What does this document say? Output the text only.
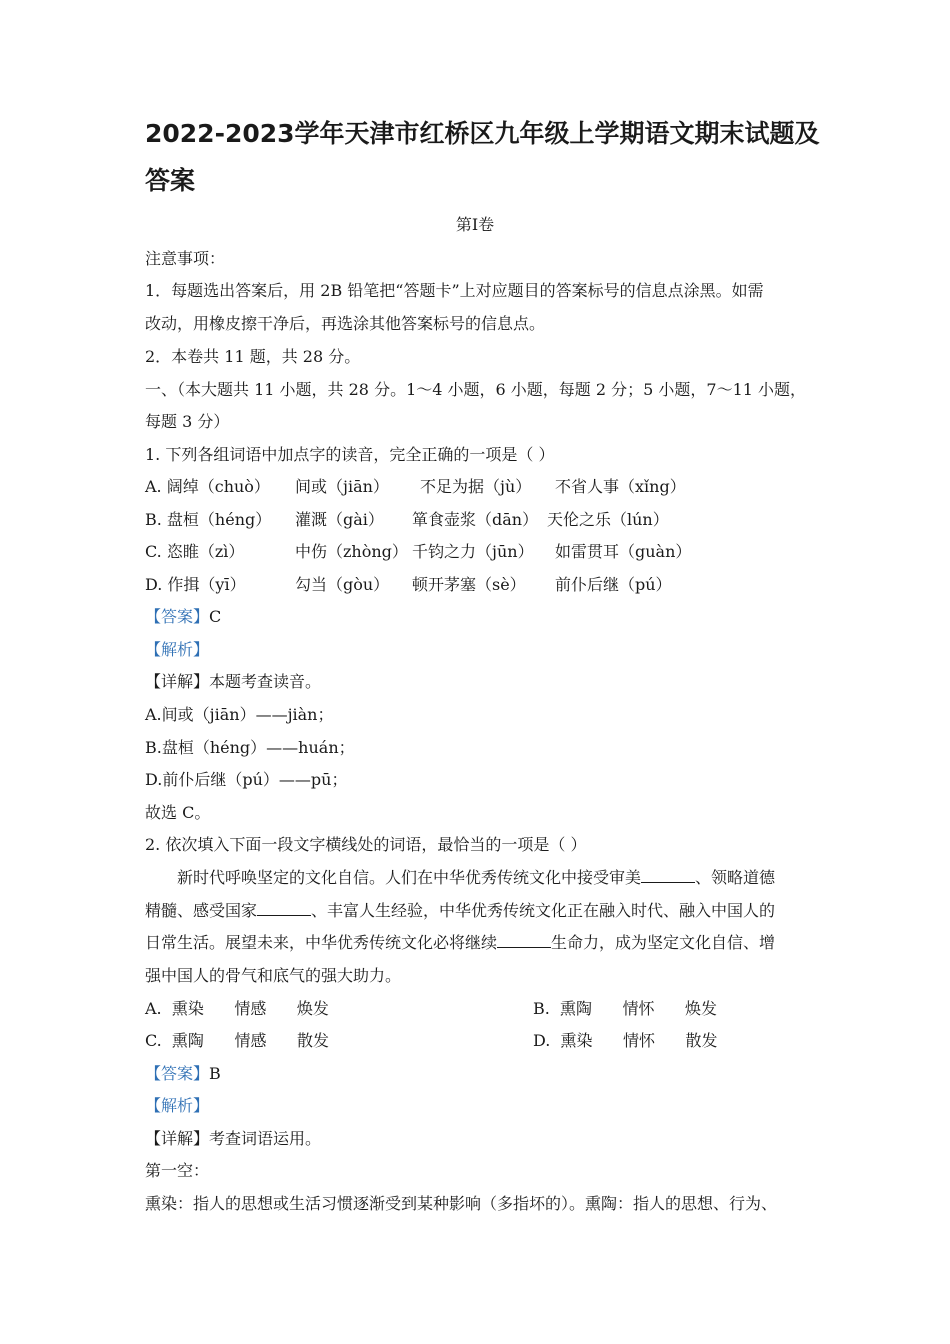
2022-2023学年天津市红桥区九年级上学期语文期末试题及答案
第Ⅰ卷
注意事项：
1．每题选出答案后，用 2B 铅笔把“答题卡”上对应题目的答案标号的信息点涂黑。如需
改动，用橡皮擦干净后，再选涂其他答案标号的信息点。
2．本卷共 11 题，共 28 分。
一、（本大题共 11 小题，共 28 分。1～4 小题，6 小题，每题 2 分；5 小题，7～11 小题，
每题 3 分）
1. 下列各组词语中加点字的读音，完全正确的一项是（ ）
A. 阔绰（chuò） 间或（jiān） 不足为据（jù） 不省人事（xǐng）
B. 盘桓（héng） 灌溉（gài） 箪食壶浆（dān） 天伦之乐（lún）
C. 恣睢（zì）	中伤（zhòng） 千钧之力（jūn） 如雷贯耳（guàn）
D. 作揖（yī）	勾当（gòu） 顿开茅塞（sè） 前仆后继（pú）
【答案】C
【解析】
【详解】本题考查读音。
A.间或（jiān）——jiàn；
B.盘桓（héng）——huán；
D.前仆后继（pú）——pū；
故选 C。
2. 依次填入下面一段文字横线处的词语，最恰当的一项是（ ）
新时代呼唤坚定的文化自信。人们在中华优秀传统文化中接受审美	、领略道德
精髓、感受国家	、丰富人生经验，中华优秀传统文化正在融入时代、融入中国人的
日常生活。展望未来，中华优秀传统文化必将继续	生命力，成为坚定文化自信、增
强中国人的骨气和底气的强大助力。
A.  熏染      情感      焕发	B.  熏陶      情怀      焕发
C.  熏陶      情感      散发	D.  熏染      情怀      散发
【答案】B
【解析】
【详解】考查词语运用。
第一空：
熏染：指人的思想或生活习惯逐渐受到某种影响（多指坏的）。熏陶：指人的思想、行为、
